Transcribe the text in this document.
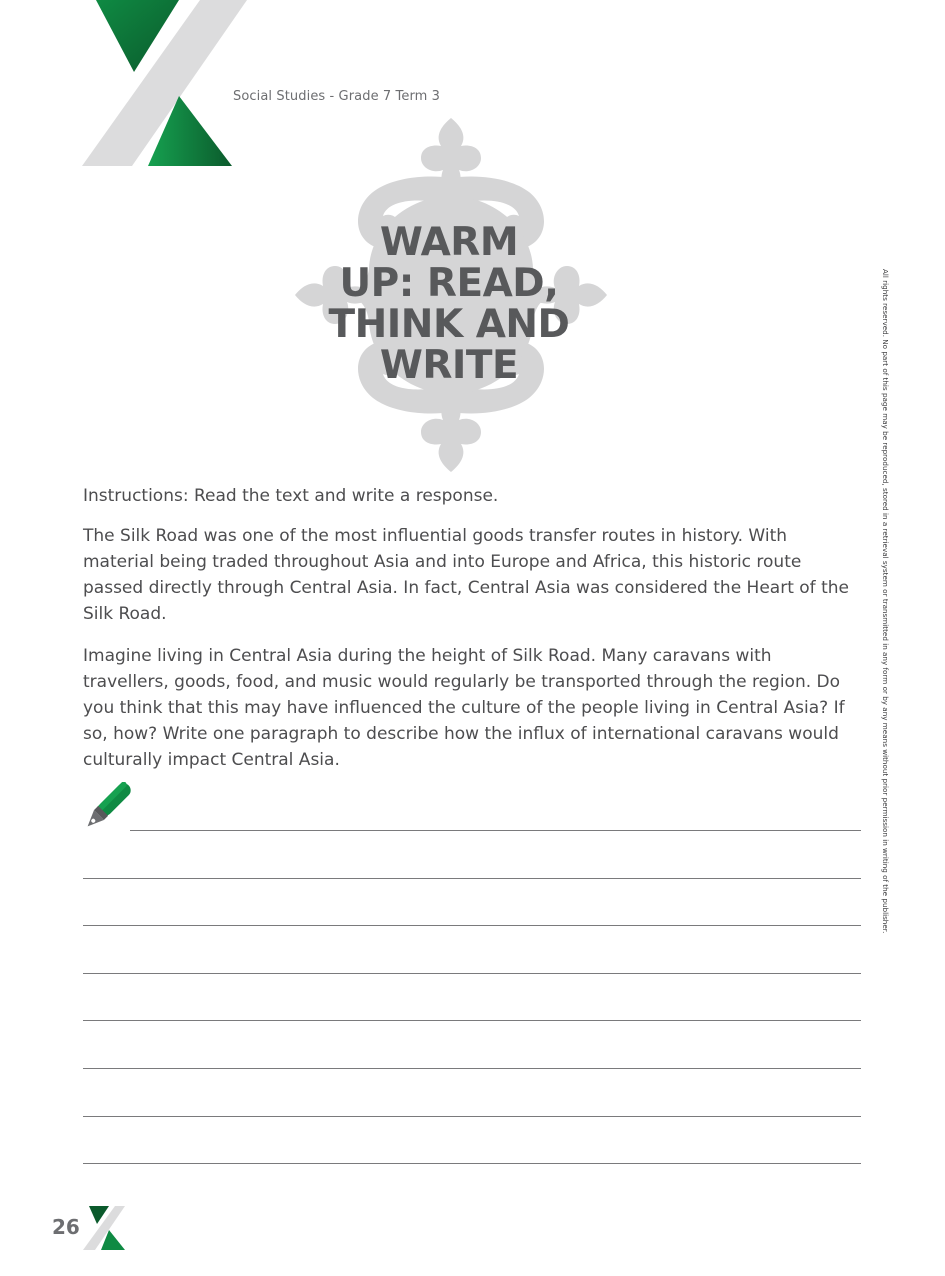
Social Studies - Grade 7 Term 3
WARM
UP: READ,
THINK AND
WRITE	All rights reserved. No part of this page may be reproduced, stored in a retrieval system or transmitted in any form or by any means without prior permission in writing of the publisher.

Instructions: Read the text and write a response.

The Silk Road was one of the most influential goods transfer routes in history. With material being traded throughout Asia and into Europe and Africa, this historic route passed directly through Central Asia. In fact, Central Asia was considered the Heart of the Silk Road.

Imagine living in Central Asia during the height of Silk Road. Many caravans with travellers, goods, food, and music would regularly be transported through the region. Do you think that this may have influenced the culture of the people living in Central Asia? If so, how? Write one paragraph to describe how the influx of international caravans would culturally impact Central Asia.

26
